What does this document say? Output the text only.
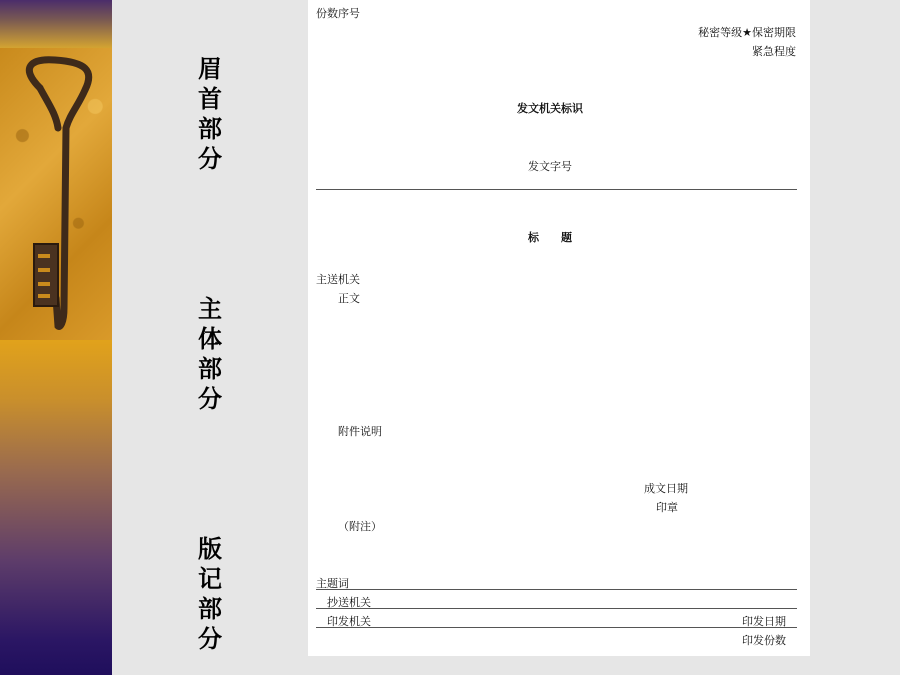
眉首部分
主体部分
版记部分
份数序号
秘密等级★保密期限
紧急程度
发文机关标识
发文字号
标　　题
主送机关
正文
附件说明
成文日期
印章
（附注）
主题词
抄送机关
印发机关	印发日期
印发份数
